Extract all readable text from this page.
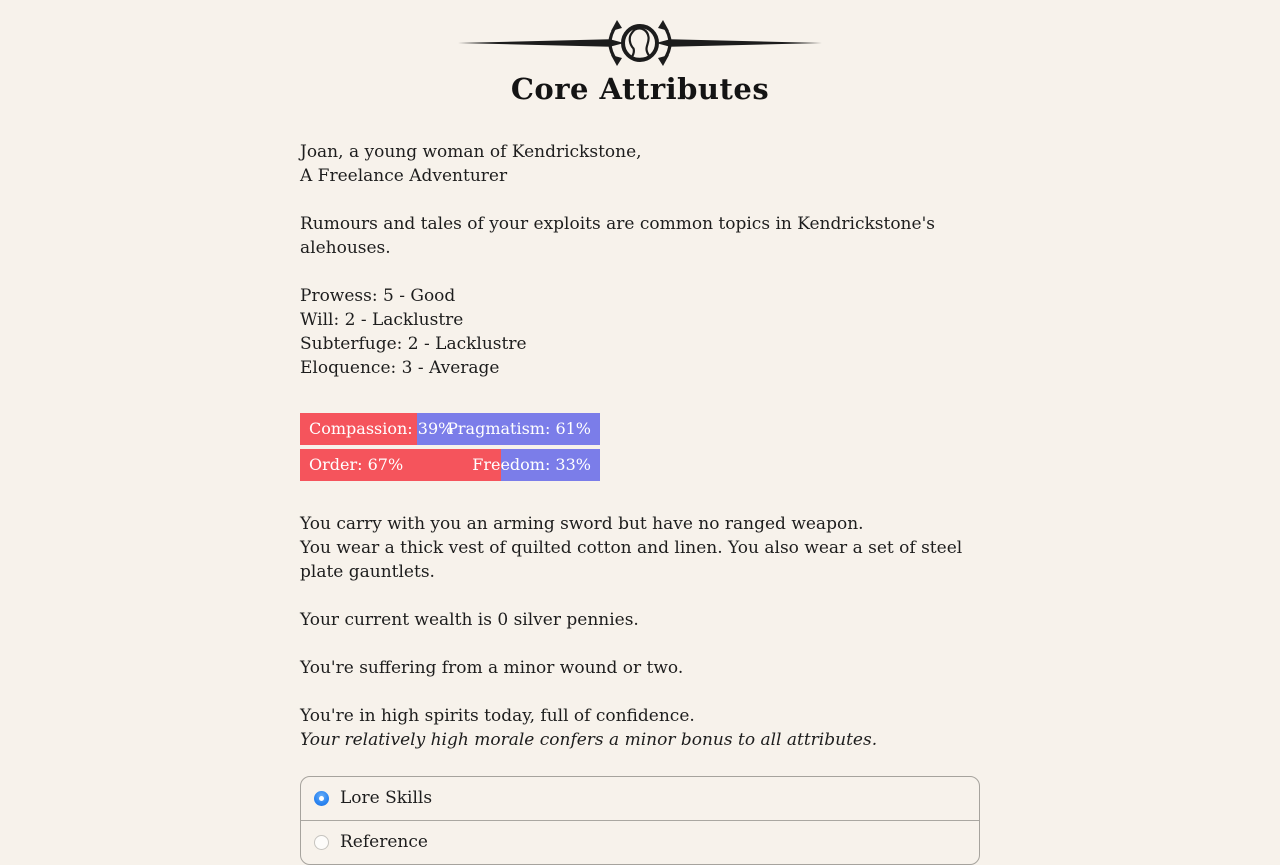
Core Attributes

Joan, a young woman of Kendrickstone,
A Freelance Adventurer

Rumours and tales of your exploits are common topics in Kendrickstone's alehouses.

Prowess: 5 - Good
Will: 2 - Lacklustre
Subterfuge: 2 - Lacklustre
Eloquence: 3 - Average

Compassion: 39%
Pragmatism: 61%
Order: 67%	Freedom: 33%

You carry with you an arming sword but have no ranged weapon.
You wear a thick vest of quilted cotton and linen. You also wear a set of steel plate gauntlets.

Your current wealth is 0 silver pennies.

You're suffering from a minor wound or two.

You're in high spirits today, full of confidence.
Your relatively high morale confers a minor bonus to all attributes.

Lore Skills
Reference
